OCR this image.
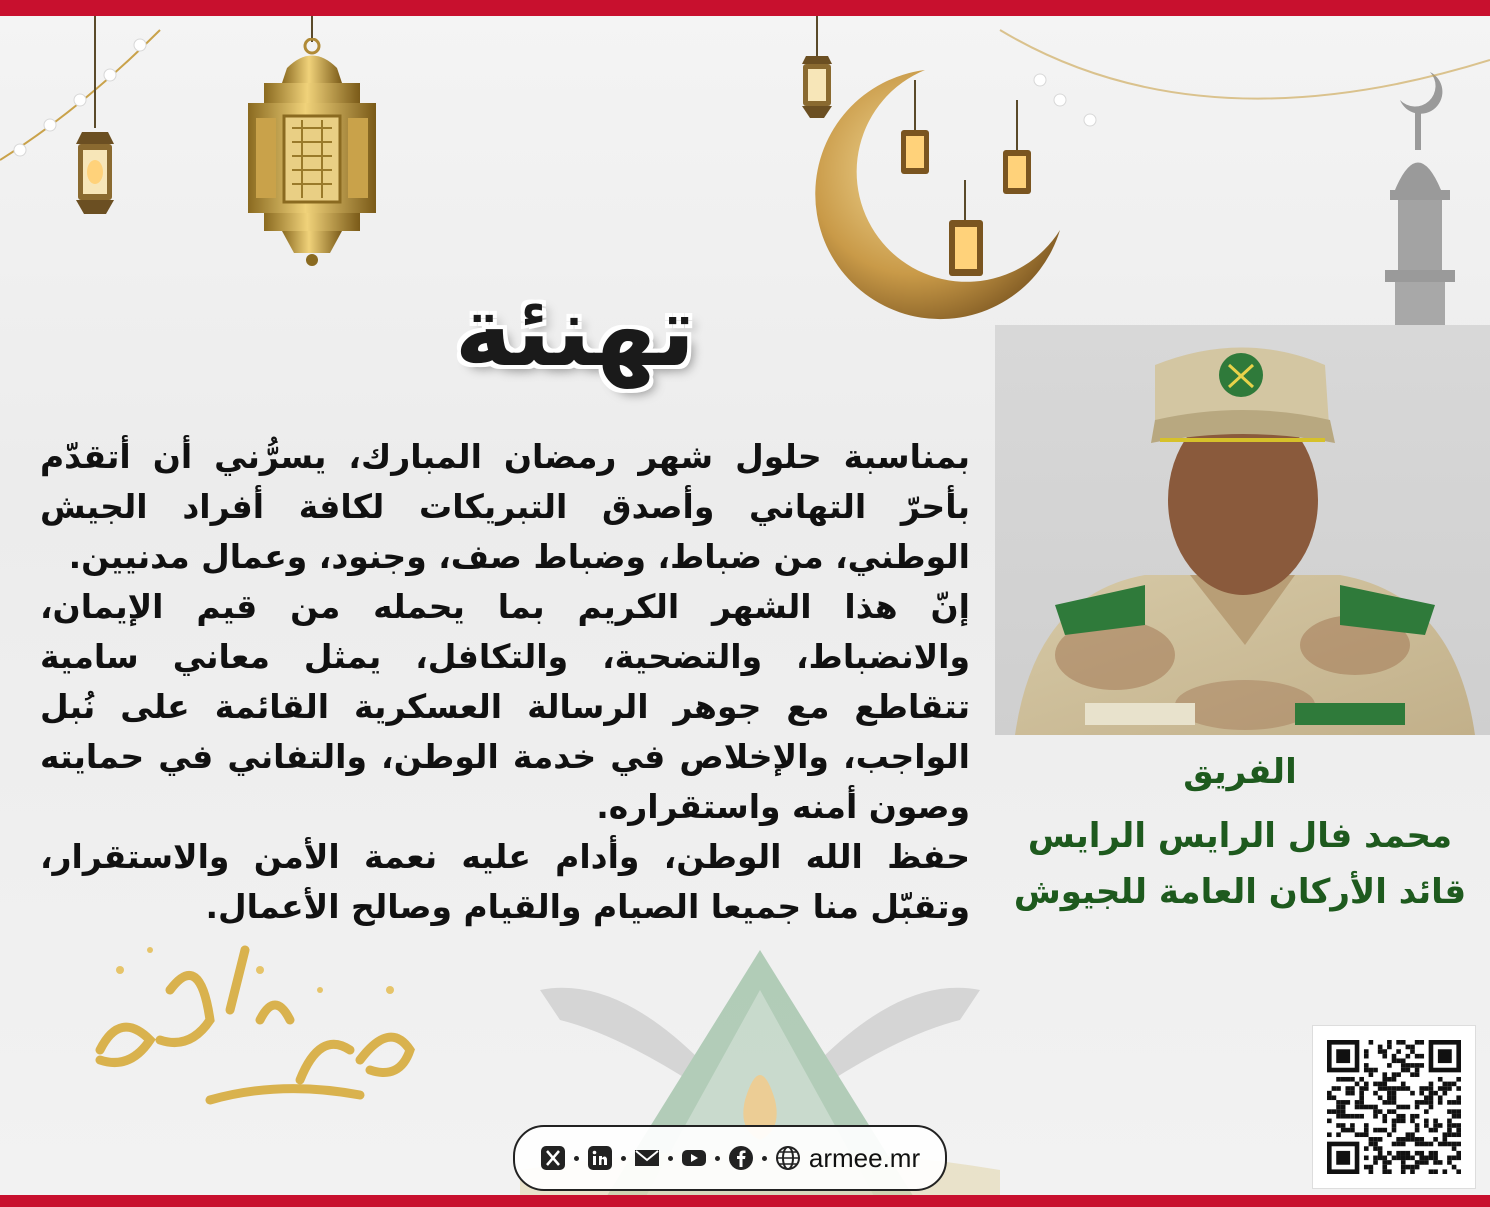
تهنئة

بمناسبة حلول شهر رمضان المبارك، يسرُّني أن أتقدّم بأحرّ التهاني وأصدق التبريكات لكافة أفراد الجيش الوطني، من ضباط، وضباط صف، وجنود، وعمال مدنيين.

إنّ هذا الشهر الكريم بما يحمله من قيم الإيمان، والانضباط، والتضحية، والتكافل، يمثل معاني سامية تتقاطع مع جوهر الرسالة العسكرية القائمة على نُبل الواجب، والإخلاص في خدمة الوطن، والتفاني في حمايته وصون أمنه واستقراره.

حفظ الله الوطن، وأدام عليه نعمة الأمن والاستقرار، وتقبّل منا جميعا الصيام والقيام وصالح الأعمال.

الفريق
محمد فال الرايس الرايس
قائد الأركان العامة للجيوش
armee.mr
